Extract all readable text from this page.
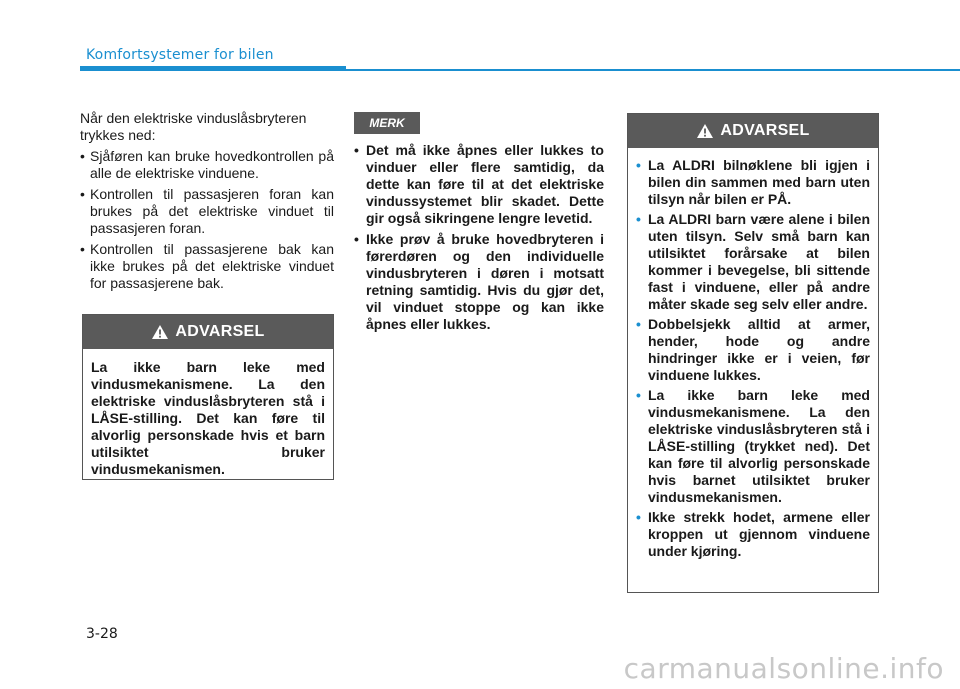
Komfortsystemer for bilen

Når den elektriske vinduslåsbryteren trykkes ned:

• Sjåføren kan bruke hovedkontrollen på alle de elektriske vinduene.
• Kontrollen til passasjeren foran kan brukes på det elektriske vinduet til passasjeren foran.
• Kontrollen til passasjerene bak kan ikke brukes på det elektriske vinduet for passasjerene bak.
ADVARSEL
La ikke barn leke med vindusmekanismene. La den elektriske vinduslåsbryteren stå i LÅSE-stilling. Det kan føre til alvorlig personskade hvis et barn utilsiktet bruker vindusmekanismen.
MERK
• Det må ikke åpnes eller lukkes to vinduer eller flere samtidig, da dette kan føre til at det elektriske vindussystemet blir skadet. Dette gir også sikringene lengre levetid.
• Ikke prøv å bruke hovedbryteren i førerdøren og den individuelle vindusbryteren i døren i motsatt retning samtidig. Hvis du gjør det, vil vinduet stoppe og kan ikke åpnes eller lukkes.
ADVARSEL
• La ALDRI bilnøklene bli igjen i bilen din sammen med barn uten tilsyn når bilen er PÅ.
• La ALDRI barn være alene i bilen uten tilsyn. Selv små barn kan utilsiktet forårsake at bilen kommer i bevegelse, bli sittende fast i vinduene, eller på andre måter skade seg selv eller andre.
• Dobbelsjekk alltid at armer, hender, hode og andre hindringer ikke er i veien, før vinduene lukkes.
• La ikke barn leke med vindusmekanismene. La den elektriske vinduslåsbryteren stå i LÅSE-stilling (trykket ned). Det kan føre til alvorlig personskade hvis barnet utilsiktet bruker vindusmekanismen.
• Ikke strekk hodet, armene eller kroppen ut gjennom vinduene under kjøring.
3-28
carmanualsonline.info
